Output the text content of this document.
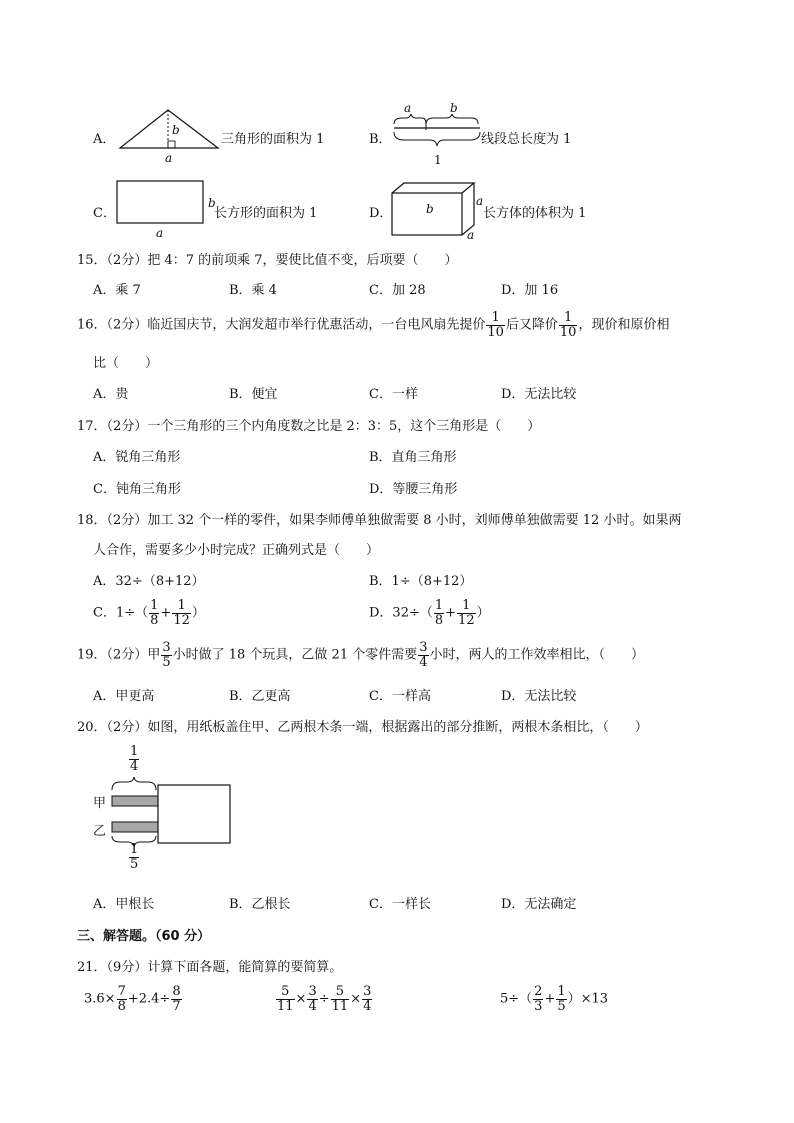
A．
a
b
三角形的面积为 1	B．
a	b
1
线段总长度为 1
C．
a
b
长方形的面积为 1	D．	b
a
a
长方体的体积为 1
15．（2分）把 4：7 的前项乘 7，要使比值不变，后项要（　　）
A．乘 7	B．乘 4	C．加 28	D．加 16
16．（2分）临近国庆节，大润发超市举行优惠活动，一台电风扇先提价 $\frac{1}{10}$ 后又降价 $\frac{1}{10}$ ，现价和原价相
比（　　）
A．贵	B．便宜	C．一样	D．无法比较
17．（2分）一个三角形的三个内角度数之比是 2：3：5，这个三角形是（　　）
A．锐角三角形	B．直角三角形
C．钝角三角形	D．等腰三角形
18．（2分）加工 32 个一样的零件，如果李师傅单独做需要 8 小时，刘师傅单独做需要 12 小时。如果两
人合作，需要多少小时完成？正确列式是（　　）
A．32÷（8+12）	B．1÷（8+12）
C．$1\div( \frac{1}{8} + \frac{1}{12}$ ）	D．$32\div( \frac{1}{8} + \frac{1}{12}$ ）
19．（2分）甲 $\frac{3}{5}$ 小时做了 18 个玩具，乙做 21 个零件需要 $\frac{3}{4}$ 小时，两人的工作效率相比，（　　）
A．甲更高	B．乙更高	C．一样高	D．无法比较
20．（2分）如图，用纸板盖住甲、乙两根木条一端，根据露出的部分推断，两根木条相比，（　　）
$\frac{1}{4}$
$\frac{1}{5}$
甲
乙
A．甲根长	B．乙根长	C．一样长	D．无法确定
三、解答题。（60 分）
21．（9分）计算下面各题，能简算的要简算。
$3.6\times \frac{7}{8} +2.4\div \frac{8}{7}$	$\frac{5}{11} \times \frac{3}{4} \div \frac{5}{11} \times \frac{3}{4}$	$5\div( \frac{2}{3} + \frac{1}{5} )\times 13$
